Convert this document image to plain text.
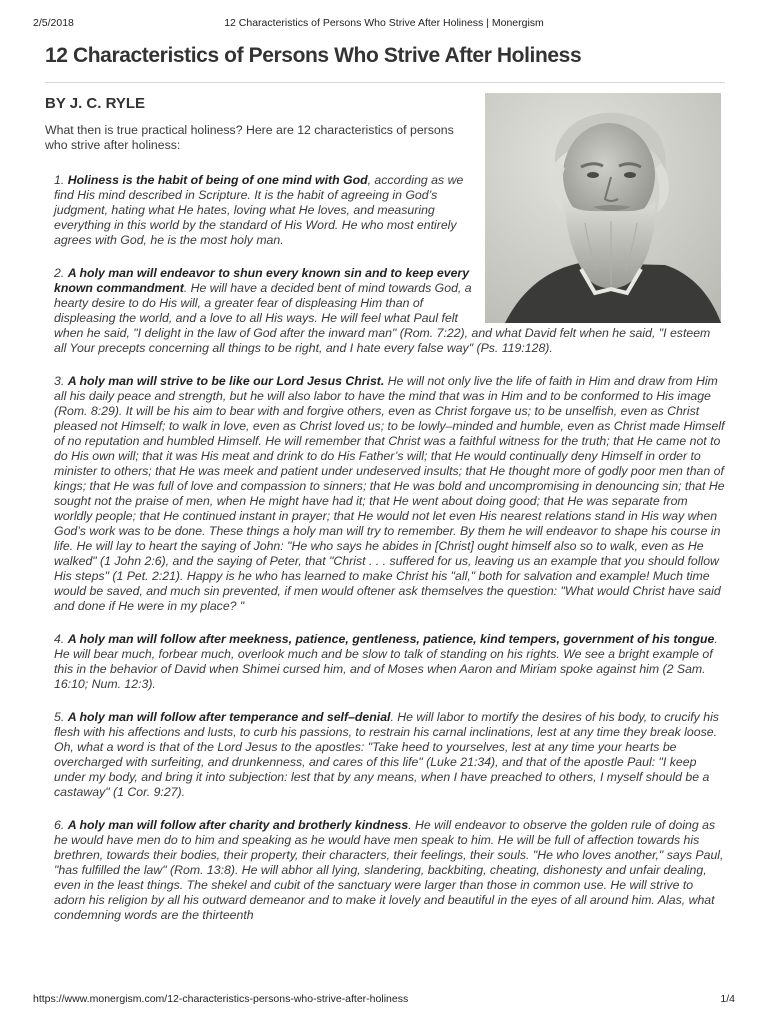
2/5/2018	12 Characteristics of Persons Who Strive After Holiness | Monergism
12 Characteristics of Persons Who Strive After Holiness
BY J. C. RYLE

What then is true practical holiness? Here are 12 characteristics of persons who strive after holiness:

1. Holiness is the habit of being of one mind with God, according as we find His mind described in Scripture. It is the habit of agreeing in God’s judgment, hating what He hates, loving what He loves, and measuring everything in this world by the standard of His Word. He who most entirely agrees with God, he is the most holy man.

2. A holy man will endeavor to shun every known sin and to keep every known commandment. He will have a decided bent of mind towards God, a hearty desire to do His will, a greater fear of displeasing Him than of displeasing the world, and a love to all His ways. He will feel what Paul felt when he said, "I delight in the law of God after the inward man" (Rom. 7:22), and what David felt when he said, "I esteem all Your precepts concerning all things to be right, and I hate every false way" (Ps. 119:128).

3. A holy man will strive to be like our Lord Jesus Christ. He will not only live the life of faith in Him and draw from Him all his daily peace and strength, but he will also labor to have the mind that was in Him and to be conformed to His image (Rom. 8:29). It will be his aim to bear with and forgive others, even as Christ forgave us; to be unselfish, even as Christ pleased not Himself; to walk in love, even as Christ loved us; to be lowly–minded and humble, even as Christ made Himself of no reputation and humbled Himself. He will remember that Christ was a faithful witness for the truth; that He came not to do His own will; that it was His meat and drink to do His Father’s will; that He would continually deny Himself in order to minister to others; that He was meek and patient under undeserved insults; that He thought more of godly poor men than of kings; that He was full of love and compassion to sinners; that He was bold and uncompromising in denouncing sin; that He sought not the praise of men, when He might have had it; that He went about doing good; that He was separate from worldly people; that He continued instant in prayer; that He would not let even His nearest relations stand in His way when God’s work was to be done. These things a holy man will try to remember. By them he will endeavor to shape his course in life. He will lay to heart the saying of John: "He who says he abides in [Christ] ought himself also so to walk, even as He walked" (1 John 2:6), and the saying of Peter, that "Christ . . . suffered for us, leaving us an example that you should follow His steps" (1 Pet. 2:21). Happy is he who has learned to make Christ his "all," both for salvation and example! Much time would be saved, and much sin prevented, if men would oftener ask themselves the question: "What would Christ have said and done if He were in my place? "

4. A holy man will follow after meekness, patience, gentleness, patience, kind tempers, government of his tongue. He will bear much, forbear much, overlook much and be slow to talk of standing on his rights. We see a bright example of this in the behavior of David when Shimei cursed him, and of Moses when Aaron and Miriam spoke against him (2 Sam. 16:10; Num. 12:3).

5. A holy man will follow after temperance and self–denial. He will labor to mortify the desires of his body, to crucify his flesh with his affections and lusts, to curb his passions, to restrain his carnal inclinations, lest at any time they break loose. Oh, what a word is that of the Lord Jesus to the apostles: "Take heed to yourselves, lest at any time your hearts be overcharged with surfeiting, and drunkenness, and cares of this life" (Luke 21:34), and that of the apostle Paul: "I keep under my body, and bring it into subjection: lest that by any means, when I have preached to others, I myself should be a castaway" (1 Cor. 9:27).

6. A holy man will follow after charity and brotherly kindness. He will endeavor to observe the golden rule of doing as he would have men do to him and speaking as he would have men speak to him. He will be full of affection towards his brethren, towards their bodies, their property, their characters, their feelings, their souls. "He who loves another," says Paul, "has fulfilled the law" (Rom. 13:8). He will abhor all lying, slandering, backbiting, cheating, dishonesty and unfair dealing, even in the least things. The shekel and cubit of the sanctuary were larger than those in common use. He will strive to adorn his religion by all his outward demeanor and to make it lovely and beautiful in the eyes of all around him. Alas, what condemning words are the thirteenth

https://www.monergism.com/12-characteristics-persons-who-strive-after-holiness	1/4
